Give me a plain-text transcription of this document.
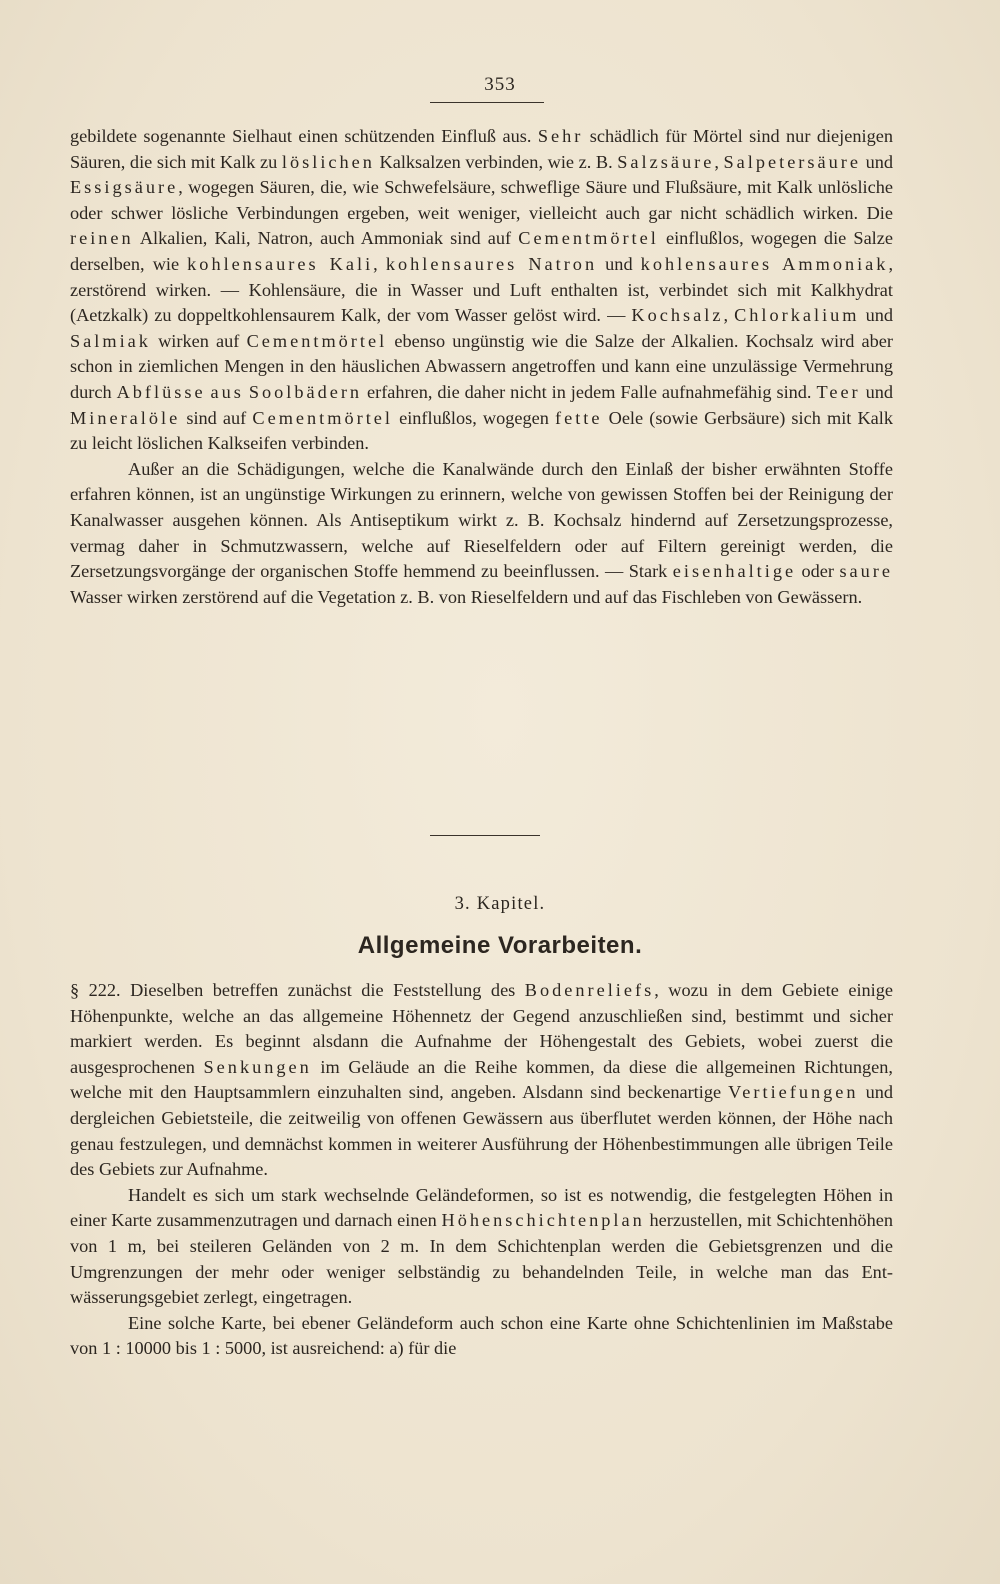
353

gebildete sogenannte Sielhaut einen schützenden Einfluß aus. Sehr schädlich für Mörtel sind nur diejenigen Säuren, die sich mit Kalk zu löslichen Kalksalzen verbinden, wie z. B. Salzsäure, Salpetersäure und Essigsäure, wogegen Säuren, die, wie Schwefelsäure, schweflige Säure und Flußsäure, mit Kalk unlösliche oder schwer lösliche Verbindungen ergeben, weit weniger, vielleicht auch gar nicht schädlich wirken. Die reinen Alkalien, Kali, Natron, auch Ammoniak sind auf Cementmörtel einflußlos, wogegen die Salze derselben, wie kohlensaures Kali, kohlensaures Natron und kohlensaures Ammoniak, zerstörend wirken. — Kohlensäure, die in Wasser und Luft enthalten ist, verbindet sich mit Kalkhydrat (Aetzkalk) zu doppeltkohlensaurem Kalk, der vom Wasser gelöst wird. — Kochsalz, Chlorkalium und Salmiak wirken auf Cementmörtel ebenso ungünstig wie die Salze der Alkalien. Kochsalz wird aber schon in ziemlichen Mengen in den häuslichen Abwassern angetroffen und kann eine unzulässige Vermehrung durch Abflüsse aus Soolbädern erfahren, die daher nicht in jedem Falle aufnahmefähig sind. Teer und Mineralöle sind auf Cementmörtel einflußlos, wogegen fette Oele (sowie Gerbsäure) sich mit Kalk zu leicht löslichen Kalkseifen verbinden.

Außer an die Schädigungen, welche die Kanalwände durch den Einlaß der bisher erwähnten Stoffe erfahren können, ist an ungünstige Wirkungen zu erinnern, welche von gewissen Stoffen bei der Reinigung der Kanalwasser ausgehen können. Als Antiseptikum wirkt z. B. Kochsalz hindernd auf Zersetzungsprozesse, vermag daher in Schmutzwassern, welche auf Rieselfeldern oder auf Filtern gereinigt werden, die Zersetzungsvorgänge der organischen Stoffe hemmend zu beeinflussen. — Stark eisenhaltige oder saure Wasser wirken zerstörend auf die Vegetation z. B. von Rieselfeldern und auf das Fischleben von Gewässern.

3. Kapitel.
Allgemeine Vorarbeiten.

§ 222. Dieselben betreffen zunächst die Feststellung des Bodenreliefs, wozu in dem Gebiete einige Höhenpunkte, welche an das allgemeine Höhennetz der Gegend anzuschließen sind, bestimmt und sicher markiert werden. Es beginnt alsdann die Aufnahme der Höhengestalt des Gebiets, wobei zuerst die ausgesprochenen Senkungen im Geläude an die Reihe kommen, da diese die allgemeinen Richtungen, welche mit den Hauptsammlern einzuhalten sind, angeben. Alsdann sind beckenartige Vertiefungen und dergleichen Gebietsteile, die zeitweilig von offenen Gewässern aus überflutet werden können, der Höhe nach genau festzulegen, und demnächst kommen in weiterer Ausführung der Höhenbestimmungen alle übrigen Teile des Gebiets zur Aufnahme.

Handelt es sich um stark wechselnde Geländeformen, so ist es notwendig, die festgelegten Höhen in einer Karte zusammenzutragen und darnach einen Höhenschichtenplan herzustellen, mit Schichtenhöhen von 1 m, bei steileren Geländen von 2 m. In dem Schichtenplan werden die Gebietsgrenzen und die Umgrenzungen der mehr oder weniger selbständig zu behandelnden Teile, in welche man das Entwässerungsgebiet zerlegt, eingetragen.

Eine solche Karte, bei ebener Geländeform auch schon eine Karte ohne Schichtenlinien im Maßstabe von 1 : 10000 bis 1 : 5000, ist ausreichend: a) für die
